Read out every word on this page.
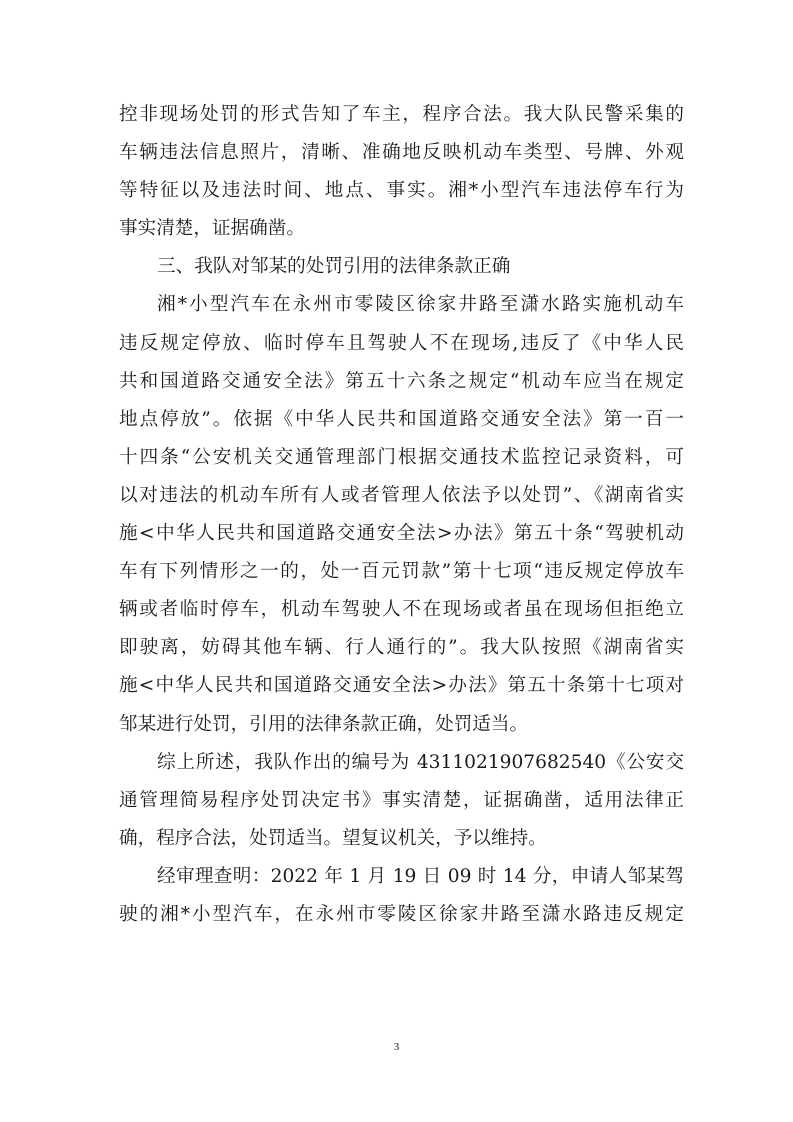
控非现场处罚的形式告知了车主，程序合法。我大队民警采集的
车辆违法信息照片，清晰、准确地反映机动车类型、号牌、外观
等特征以及违法时间、地点、事实。湘*小型汽车违法停车行为
事实清楚，证据确凿。
三、我队对邹某的处罚引用的法律条款正确
湘*小型汽车在永州市零陵区徐家井路至潇水路实施机动车
违反规定停放、临时停车且驾驶人不在现场,违反了《中华人民
共和国道路交通安全法》第五十六条之规定“机动车应当在规定
地点停放”。依据《中华人民共和国道路交通安全法》第一百一
十四条“公安机关交通管理部门根据交通技术监控记录资料，可
以对违法的机动车所有人或者管理人依法予以处罚”、《湖南省实
施<中华人民共和国道路交通安全法>办法》第五十条“驾驶机动
车有下列情形之一的，处一百元罚款”第十七项“违反规定停放车
辆或者临时停车，机动车驾驶人不在现场或者虽在现场但拒绝立
即驶离，妨碍其他车辆、行人通行的”。我大队按照《湖南省实
施<中华人民共和国道路交通安全法>办法》第五十条第十七项对
邹某进行处罚，引用的法律条款正确，处罚适当。
综上所述，我队作出的编号为 4311021907682540《公安交
通管理简易程序处罚决定书》事实清楚，证据确凿，适用法律正
确，程序合法，处罚适当。望复议机关，予以维持。
经审理查明：2022 年 1 月 19 日 09 时 14 分，申请人邹某驾
驶的湘*小型汽车，在永州市零陵区徐家井路至潇水路违反规定
3
